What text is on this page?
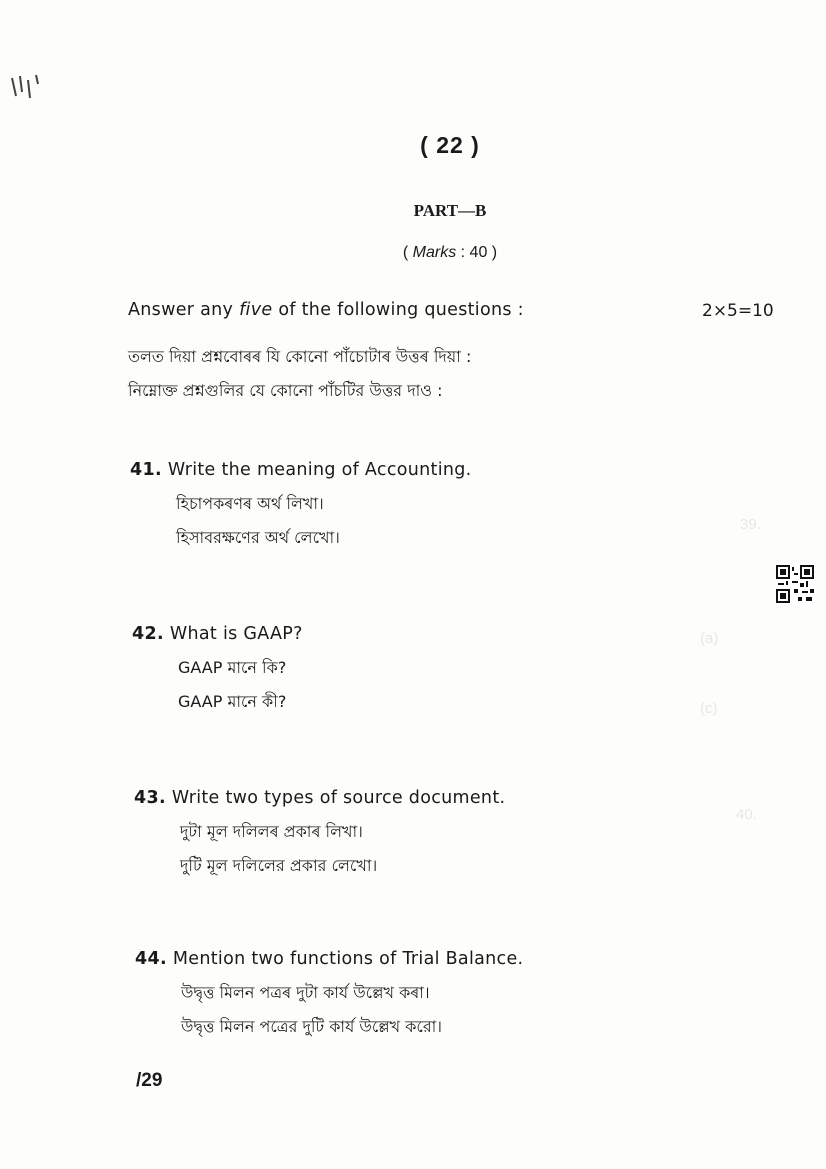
39.
(a)
(c)
40.
( 22 )
PART—B
( Marks : 40 )
Answer any five of the following questions :	2×5=10
তলত দিয়া প্ৰশ্নবোৰৰ যি কোনো পাঁচোটাৰ উত্তৰ দিয়া :
নিম্নোক্ত প্রশ্নগুলির যে কোনো পাঁচটির উত্তর দাও :
41. Write the meaning of Accounting.
হিচাপকৰণৰ অৰ্থ লিখা।
হিসাবরক্ষণের অর্থ লেখো।
42. What is GAAP?
GAAP মানে কি?
GAAP মানে কী?
43. Write two types of source document.
দুটা মূল দলিলৰ প্ৰকাৰ লিখা।
দুটি মূল দলিলের প্রকার লেখো।
44. Mention two functions of Trial Balance.
উদ্বৃত্ত মিলন পত্ৰৰ দুটা কাৰ্য উল্লেখ কৰা।
উদ্বৃত্ত মিলন পত্রের দুটি কার্য উল্লেখ করো।
/29
